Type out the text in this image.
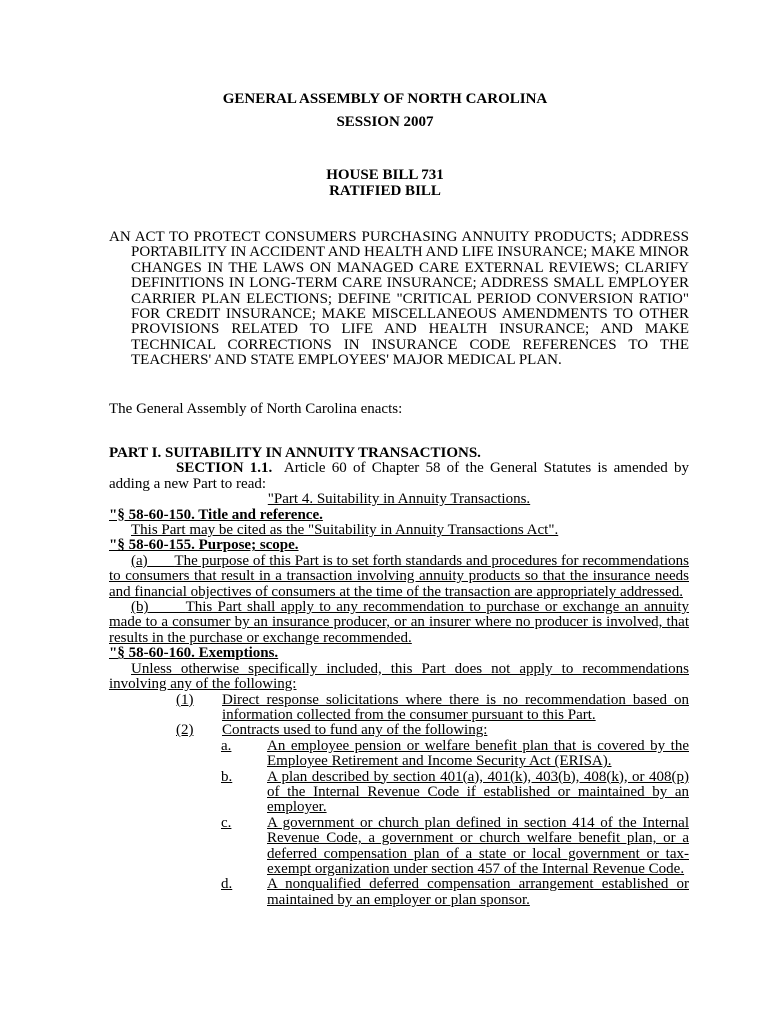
GENERAL ASSEMBLY OF NORTH CAROLINA
SESSION 2007
HOUSE BILL 731
RATIFIED BILL
AN ACT TO PROTECT CONSUMERS PURCHASING ANNUITY PRODUCTS; ADDRESS PORTABILITY IN ACCIDENT AND HEALTH AND LIFE INSURANCE; MAKE MINOR CHANGES IN THE LAWS ON MANAGED CARE EXTERNAL REVIEWS; CLARIFY DEFINITIONS IN LONG-TERM CARE INSURANCE; ADDRESS SMALL EMPLOYER CARRIER PLAN ELECTIONS; DEFINE "CRITICAL PERIOD CONVERSION RATIO" FOR CREDIT INSURANCE; MAKE MISCELLANEOUS AMENDMENTS TO OTHER PROVISIONS RELATED TO LIFE AND HEALTH INSURANCE; AND MAKE TECHNICAL CORRECTIONS IN INSURANCE CODE REFERENCES TO THE TEACHERS' AND STATE EMPLOYEES' MAJOR MEDICAL PLAN.
The General Assembly of North Carolina enacts:
PART I. SUITABILITY IN ANNUITY TRANSACTIONS.
SECTION 1.1. Article 60 of Chapter 58 of the General Statutes is amended by adding a new Part to read:
"Part 4. Suitability in Annuity Transactions.
"§ 58-60-150. Title and reference.
This Part may be cited as the "Suitability in Annuity Transactions Act".
"§ 58-60-155. Purpose; scope.
(a) The purpose of this Part is to set forth standards and procedures for recommendations to consumers that result in a transaction involving annuity products so that the insurance needs and financial objectives of consumers at the time of the transaction are appropriately addressed.
(b) This Part shall apply to any recommendation to purchase or exchange an annuity made to a consumer by an insurance producer, or an insurer where no producer is involved, that results in the purchase or exchange recommended.
"§ 58-60-160. Exemptions.
Unless otherwise specifically included, this Part does not apply to recommendations involving any of the following:
(1)	Direct response solicitations where there is no recommendation based on information collected from the consumer pursuant to this Part.
(2)	Contracts used to fund any of the following:
a.	An employee pension or welfare benefit plan that is covered by the Employee Retirement and Income Security Act (ERISA).
b.	A plan described by section 401(a), 401(k), 403(b), 408(k), or 408(p) of the Internal Revenue Code if established or maintained by an employer.
c.	A government or church plan defined in section 414 of the Internal Revenue Code, a government or church welfare benefit plan, or a deferred compensation plan of a state or local government or tax-exempt organization under section 457 of the Internal Revenue Code.
d.	A nonqualified deferred compensation arrangement established or maintained by an employer or plan sponsor.
